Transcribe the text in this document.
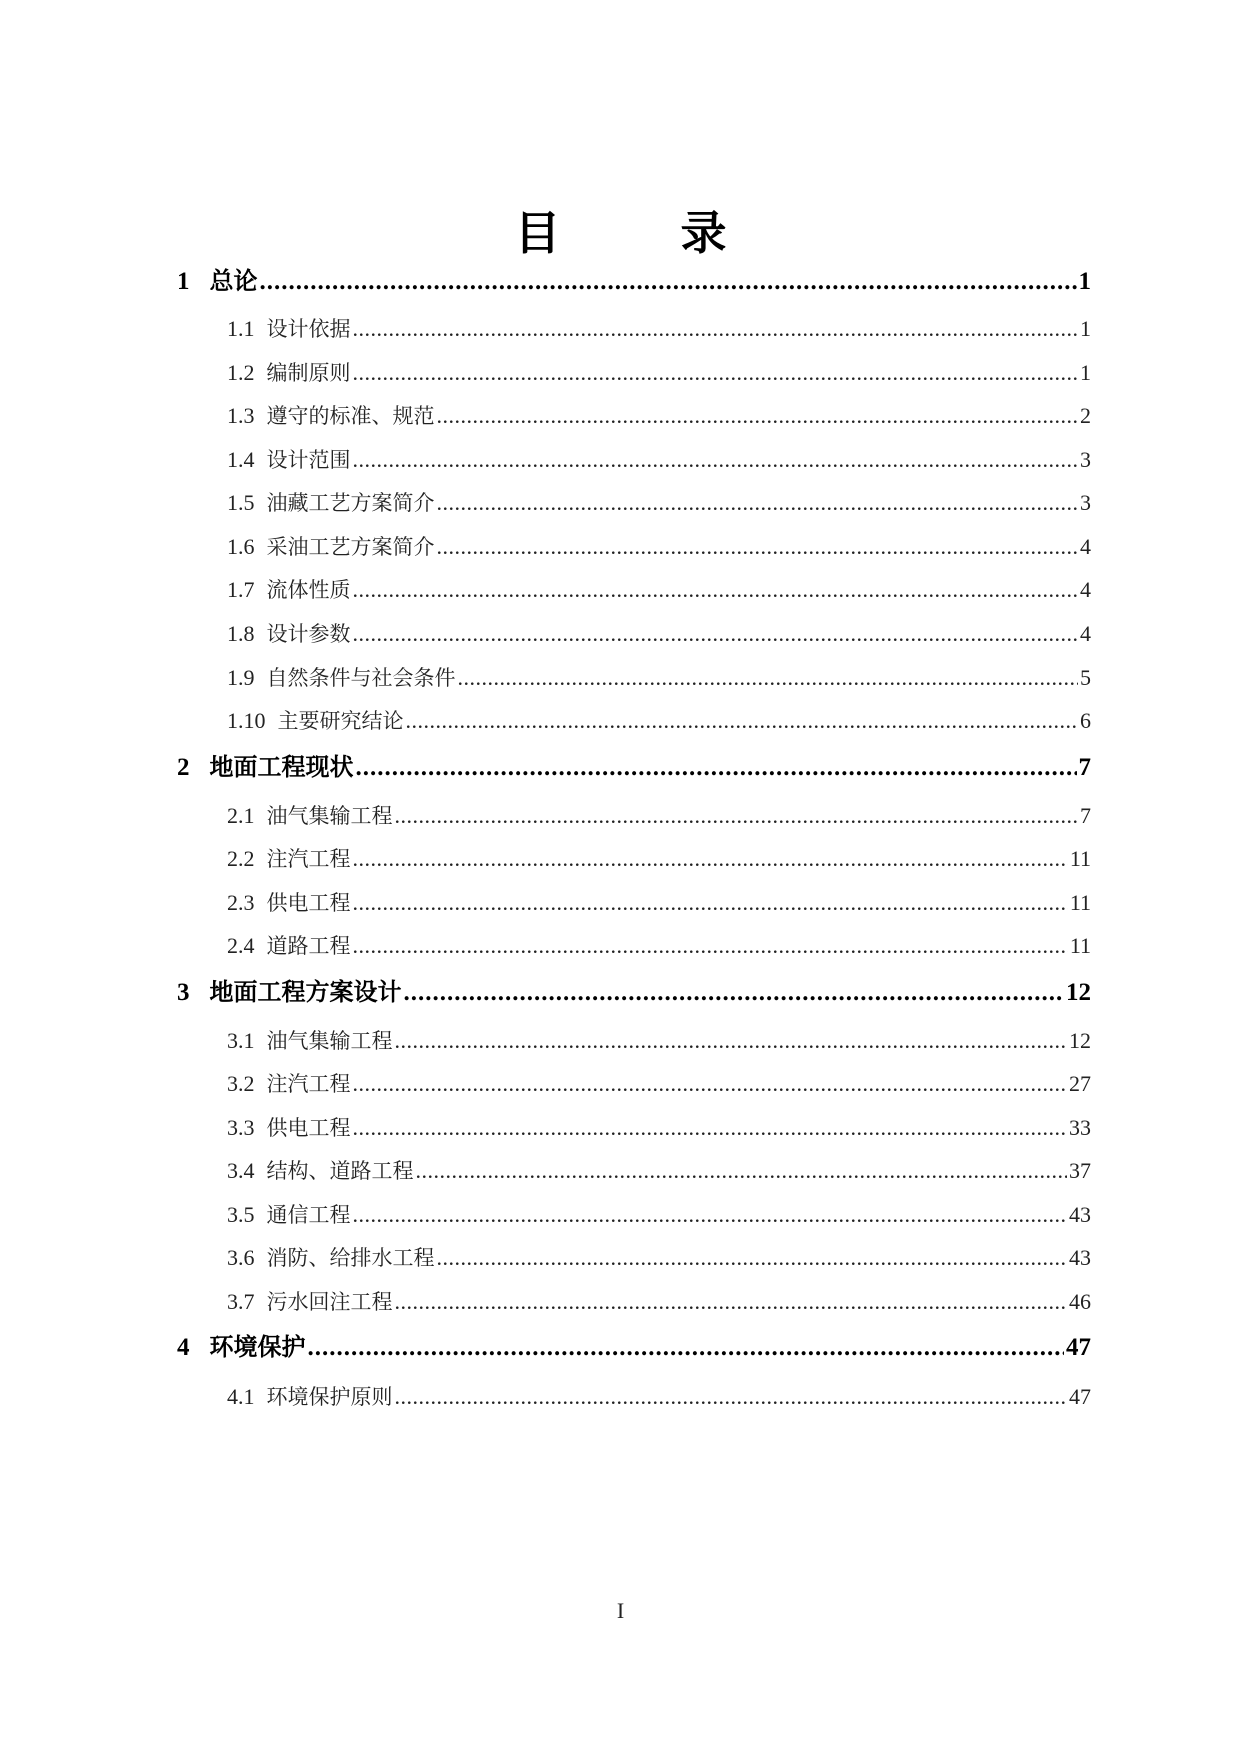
目 录
1 总论 .....	1
1.1 设计依据 .....	1
1.2 编制原则 .....	1
1.3 遵守的标准、规范 .....	2
1.4 设计范围 .....	3
1.5 油藏工艺方案简介 .....	3
1.6 采油工艺方案简介 .....	4
1.7 流体性质 .....	4
1.8 设计参数 .....	4
1.9 自然条件与社会条件 .....	5
1.10 主要研究结论 .....	6
2 地面工程现状 .....	7
2.1 油气集输工程 .....	7
2.2 注汽工程 .....	11
2.3 供电工程 .....	11
2.4 道路工程 .....	11
3 地面工程方案设计 .....	12
3.1 油气集输工程 .....	12
3.2 注汽工程 .....	27
3.3 供电工程 .....	33
3.4 结构、道路工程 .....	37
3.5 通信工程 .....	43
3.6 消防、给排水工程 .....	43
3.7 污水回注工程 .....	46
4 环境保护 .....	47
4.1 环境保护原则 .....	47
I
